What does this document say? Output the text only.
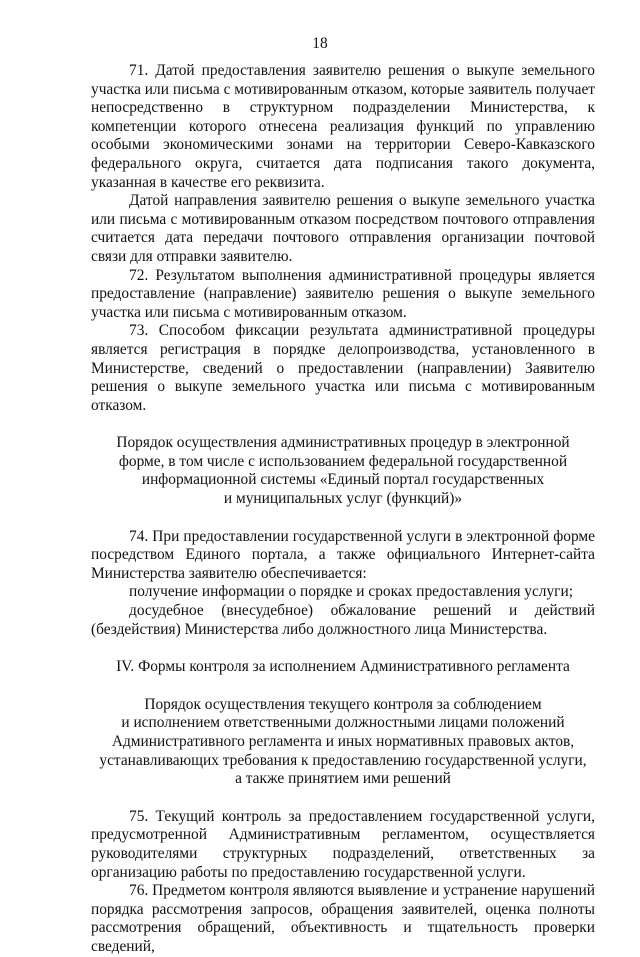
18

71. Датой предоставления заявителю решения о выкупе земельного участка или письма с мотивированным отказом, которые заявитель получает непосредственно в структурном подразделении Министерства, к компетенции которого отнесена реализация функций по управлению особыми экономическими зонами на территории Северо-Кавказского федерального округа, считается дата подписания такого документа, указанная в качестве его реквизита.

Датой направления заявителю решения о выкупе земельного участка или письма с мотивированным отказом посредством почтового отправления считается дата передачи почтового отправления организации почтовой связи для отправки заявителю.

72. Результатом выполнения административной процедуры является предоставление (направление) заявителю решения о выкупе земельного участка или письма с мотивированным отказом.

73. Способом фиксации результата административной процедуры является регистрация в порядке делопроизводства, установленного в Министерстве, сведений о предоставлении (направлении) Заявителю решения о выкупе земельного участка или письма с мотивированным отказом.

Порядок осуществления административных процедур в электронной

форме, в том числе с использованием федеральной государственной

информационной системы «Единый портал государственных

и муниципальных услуг (функций)»

74. При предоставлении государственной услуги в электронной форме посредством Единого портала, а также официального Интернет-сайта Министерства заявителю обеспечивается:

получение информации о порядке и сроках предоставления услуги;

досудебное (внесудебное) обжалование решений и действий (бездействия) Министерства либо должностного лица Министерства.

IV. Формы контроля за исполнением Административного регламента

Порядок осуществления текущего контроля за соблюдением

и исполнением ответственными должностными лицами положений

Административного регламента и иных нормативных правовых актов,

устанавливающих требования к предоставлению государственной услуги,

а также принятием ими решений

75. Текущий контроль за предоставлением государственной услуги, предусмотренной Административным регламентом, осуществляется руководителями структурных подразделений, ответственных за организацию работы по предоставлению государственной услуги.

76. Предметом контроля являются выявление и устранение нарушений порядка рассмотрения запросов, обращения заявителей, оценка полноты рассмотрения обращений, объективность и тщательность проверки сведений,
